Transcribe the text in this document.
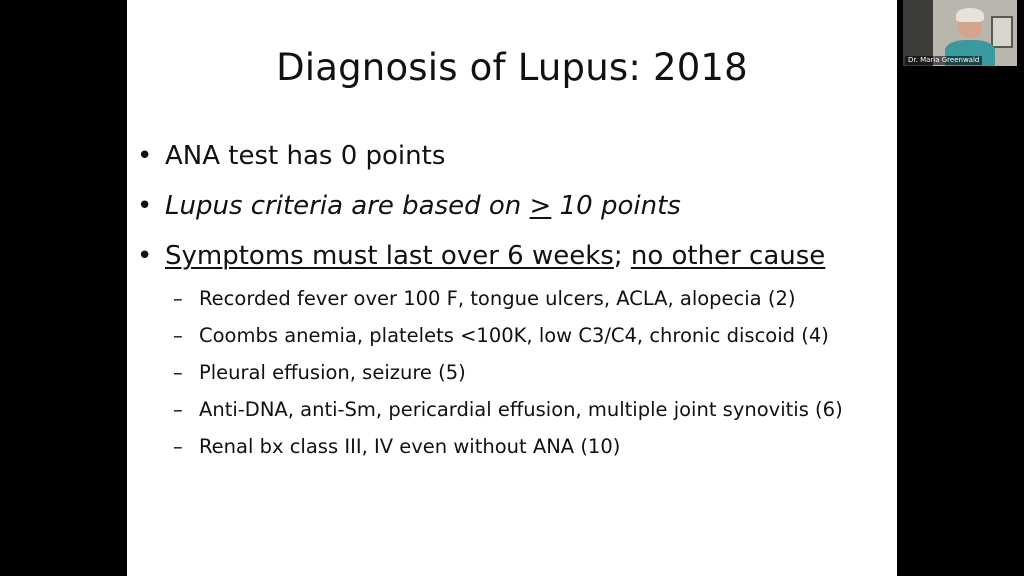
Diagnosis of Lupus: 2018
• ANA test has 0 points
• Lupus criteria are based on > 10 points
• Symptoms must last over 6 weeks; no other cause
– Recorded fever over 100 F, tongue ulcers, ACLA, alopecia (2)
– Coombs anemia, platelets <100K, low C3/C4, chronic discoid (4)
– Pleural effusion, seizure (5)
– Anti-DNA, anti-Sm, pericardial effusion, multiple joint synovitis (6)
– Renal bx class III, IV even without ANA (10)
Dr. Maria Greenwald
